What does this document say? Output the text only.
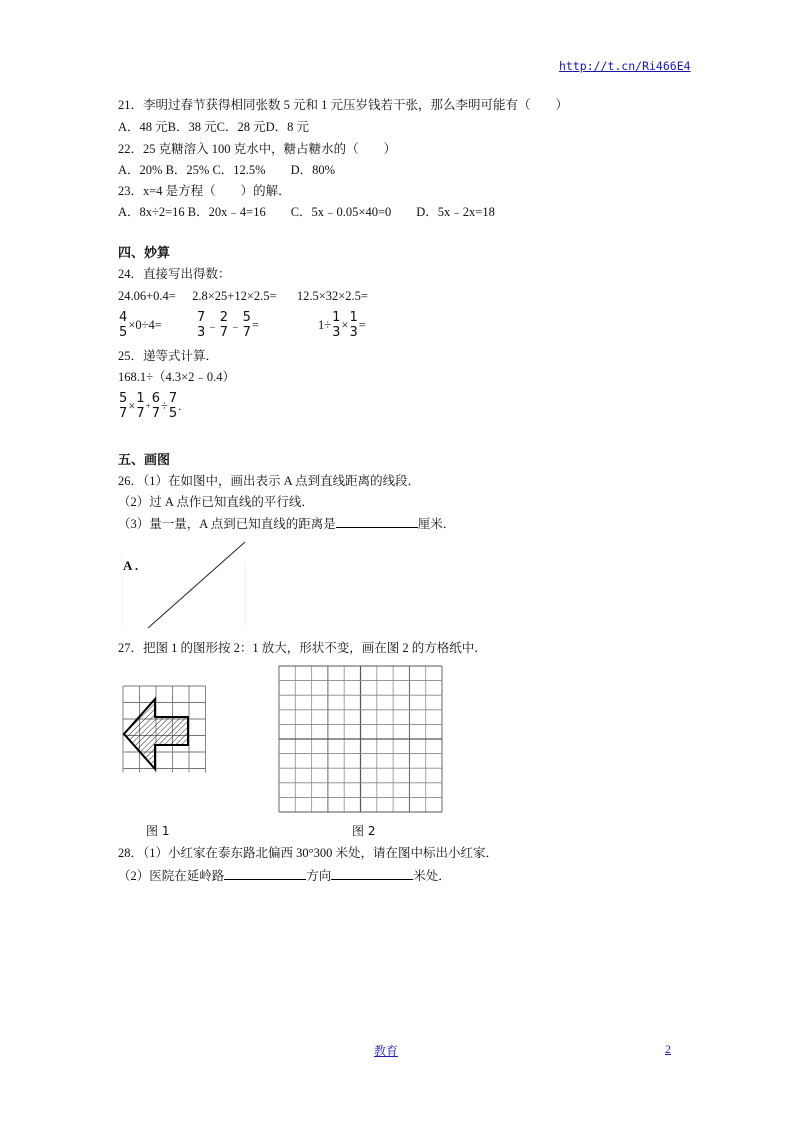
http://t.cn/Ri466E4
21．李明过春节获得相同张数 5 元和 1 元压岁钱若干张，那么李明可能有（　　）
A．48 元B．38 元C．28 元D．8 元
22．25 克糖溶入 100 克水中，糖占糖水的（　　）
A．20% B．25% C．12.5%　　D．80%
23．x=4 是方程（　　）的解．
A．8x÷2=16 B．20x﹣4=16　　C．5x﹣0.05×40=0　　D．5x﹣2x=18
四、妙算
24．直接写出得数：
24.06+0.4= 2.8×25+12×2.5= 12.5×32×2.5=
4
5
×0÷4=	7
3 ﹣
2
7 ﹣
5
7
=	1÷ 1
3
× 1
3
=
25．递等式计算．
168.1÷（4.3×2﹣0.4）
5
7
× 1
7 + 6
7
÷ 7
5
.
五、画图
26．（1）在如图中，画出表示 A 点到直线距离的线段．
（2）过 A 点作已知直线的平行线．
（3）量一量，A 点到已知直线的距离是	厘米．
A .
27．把图 1 的图形按 2：1 放大，形状不变，画在图 2 的方格纸中．
图 1	图 2
28．（1）小红家在泰东路北偏西 30°300 米处，请在图中标出小红家．
（2）医院在延岭路	方向	米处．
教育	2
